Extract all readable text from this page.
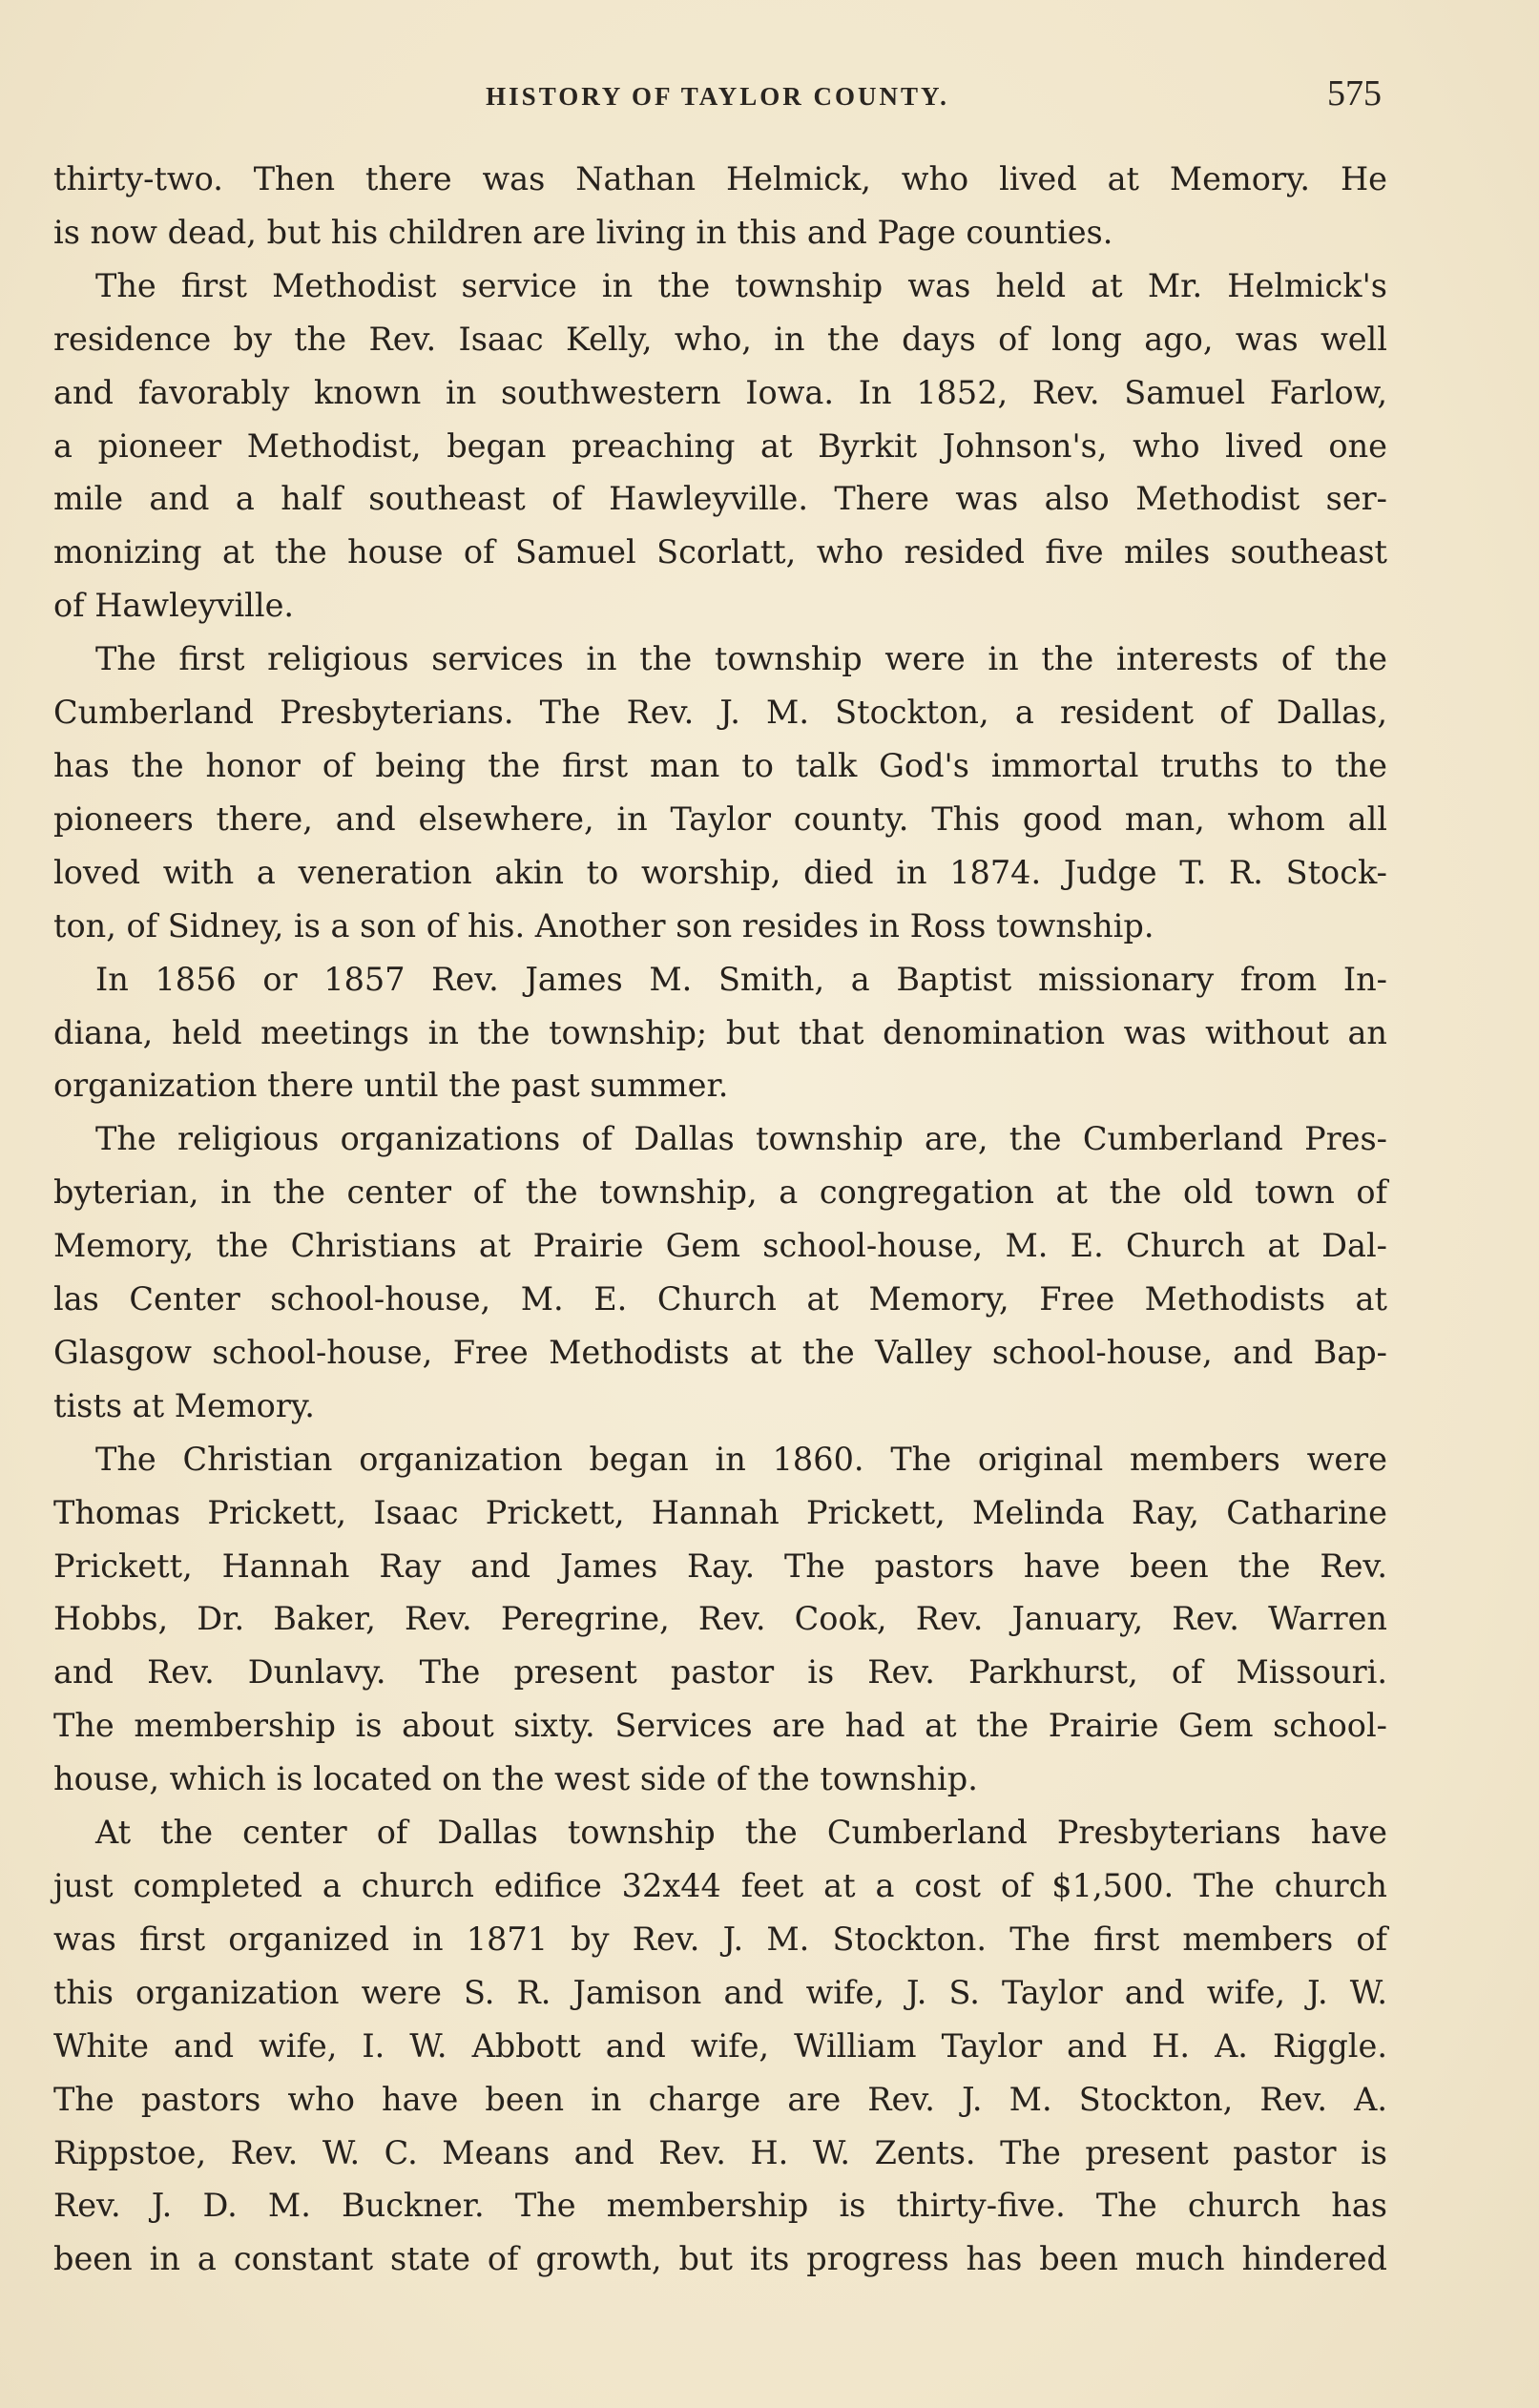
HISTORY OF TAYLOR COUNTY.	575
thirty-two. Then there was Nathan Helmick, who lived at Memory. He
is now dead, but his children are living in this and Page counties.
The first Methodist service in the township was held at Mr. Helmick's
residence by the Rev. Isaac Kelly, who, in the days of long ago, was well
and favorably known in southwestern Iowa. In 1852, Rev. Samuel Farlow,
a pioneer Methodist, began preaching at Byrkit Johnson's, who lived one
mile and a half southeast of Hawleyville. There was also Methodist ser-
monizing at the house of Samuel Scorlatt, who resided five miles southeast
of Hawleyville.
The first religious services in the township were in the interests of the
Cumberland Presbyterians. The Rev. J. M. Stockton, a resident of Dallas,
has the honor of being the first man to talk God's immortal truths to the
pioneers there, and elsewhere, in Taylor county. This good man, whom all
loved with a veneration akin to worship, died in 1874. Judge T. R. Stock-
ton, of Sidney, is a son of his. Another son resides in Ross township.
In 1856 or 1857 Rev. James M. Smith, a Baptist missionary from In-
diana, held meetings in the township; but that denomination was without an
organization there until the past summer.
The religious organizations of Dallas township are, the Cumberland Pres-
byterian, in the center of the township, a congregation at the old town of
Memory, the Christians at Prairie Gem school-house, M. E. Church at Dal-
las Center school-house, M. E. Church at Memory, Free Methodists at
Glasgow school-house, Free Methodists at the Valley school-house, and Bap-
tists at Memory.
The Christian organization began in 1860. The original members were
Thomas Prickett, Isaac Prickett, Hannah Prickett, Melinda Ray, Catharine
Prickett, Hannah Ray and James Ray. The pastors have been the Rev.
Hobbs, Dr. Baker, Rev. Peregrine, Rev. Cook, Rev. January, Rev. Warren
and Rev. Dunlavy. The present pastor is Rev. Parkhurst, of Missouri.
The membership is about sixty. Services are had at the Prairie Gem school-
house, which is located on the west side of the township.
At the center of Dallas township the Cumberland Presbyterians have
just completed a church edifice 32x44 feet at a cost of $1,500. The church
was first organized in 1871 by Rev. J. M. Stockton. The first members of
this organization were S. R. Jamison and wife, J. S. Taylor and wife, J. W.
White and wife, I. W. Abbott and wife, William Taylor and H. A. Riggle.
The pastors who have been in charge are Rev. J. M. Stockton, Rev. A.
Rippstoe, Rev. W. C. Means and Rev. H. W. Zents. The present pastor is
Rev. J. D. M. Buckner. The membership is thirty-five. The church has
been in a constant state of growth, but its progress has been much hindered
